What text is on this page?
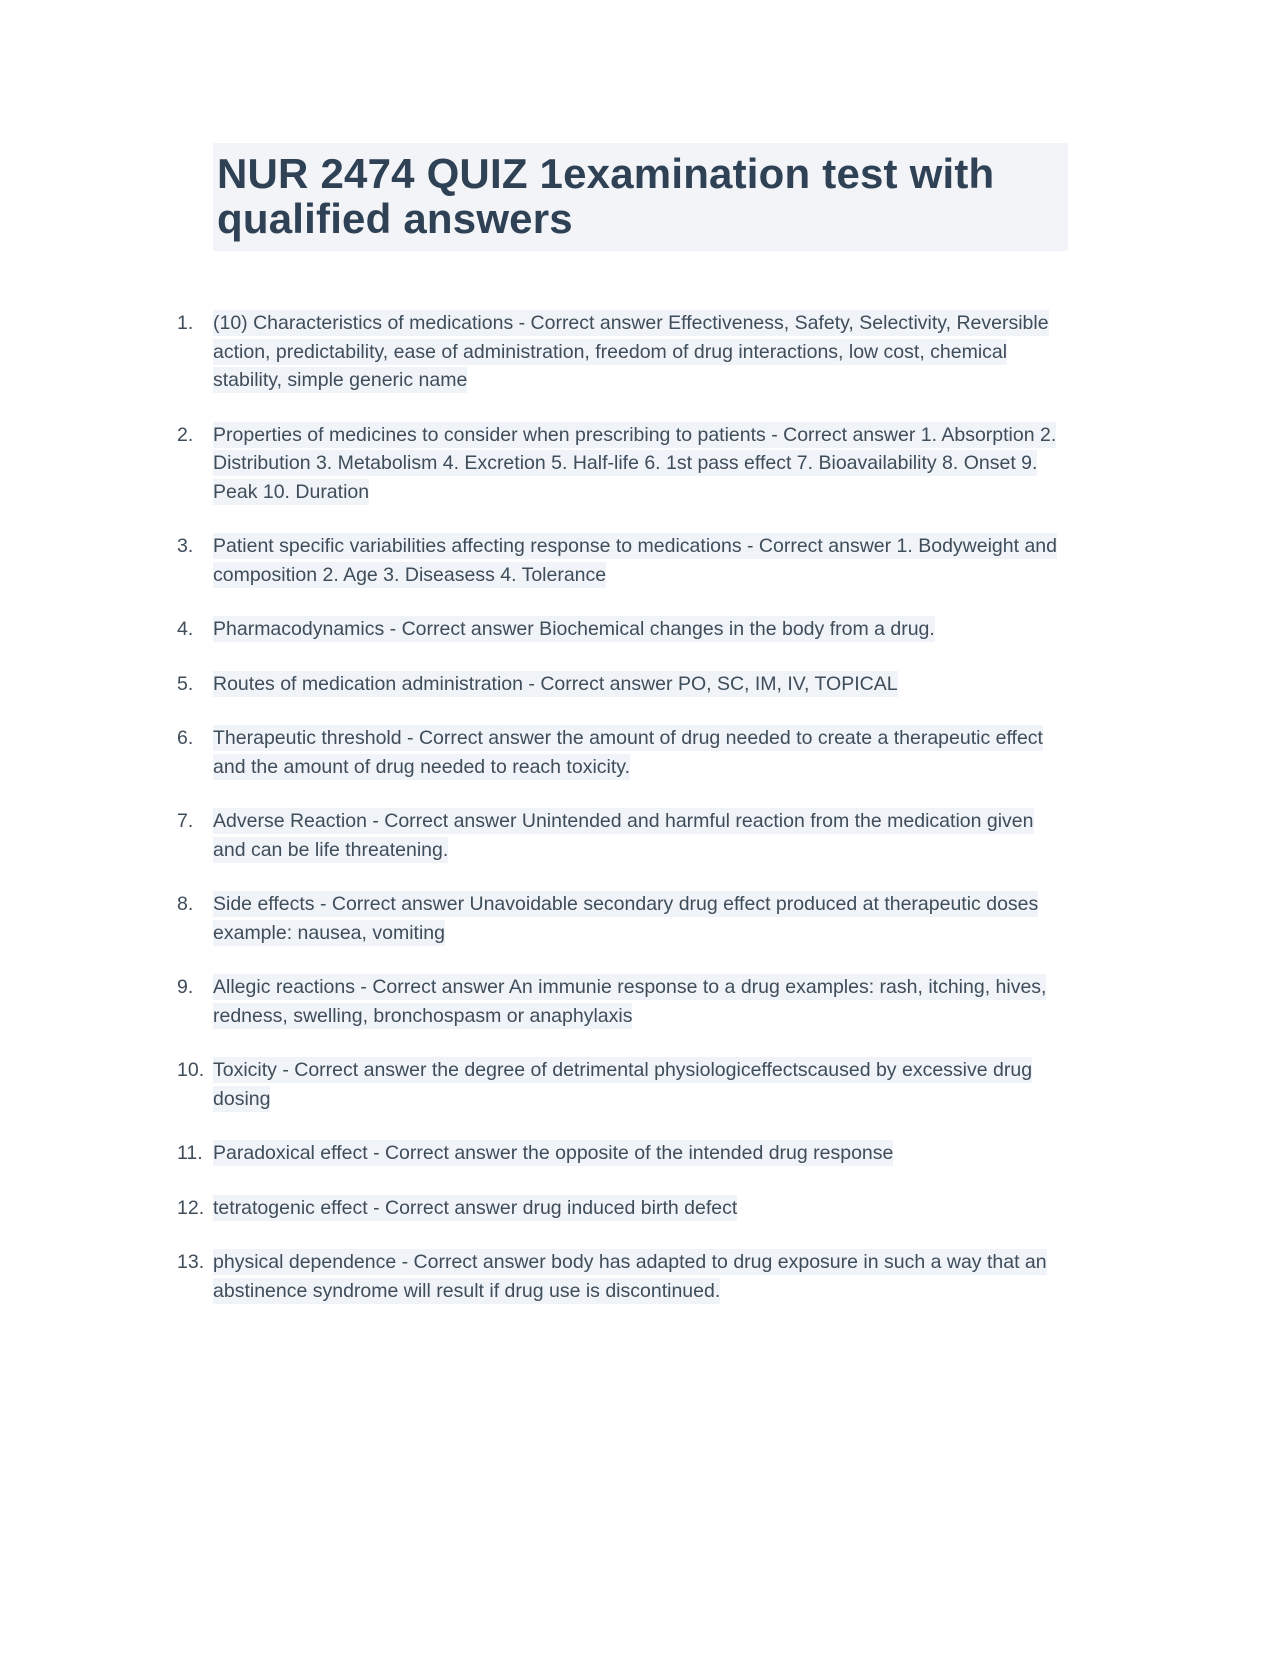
NUR 2474 QUIZ 1examination test with qualified answers
1.	(10) Characteristics of medications - Correct answer Effectiveness, Safety, Selectivity, Reversible action, predictability, ease of administration, freedom of drug interactions, low cost, chemical stability, simple generic name
2.	Properties of medicines to consider when prescribing to patients - Correct answer 1. Absorption 2. Distribution 3. Metabolism 4. Excretion 5. Half-life 6. 1st pass effect 7. Bioavailability 8. Onset 9. Peak 10. Duration
3.	Patient specific variabilities affecting response to medications - Correct answer 1. Bodyweight and composition 2. Age 3. Diseasess 4. Tolerance
4.	Pharmacodynamics - Correct answer Biochemical changes in the body from a drug.
5.	Routes of medication administration - Correct answer PO, SC, IM, IV, TOPICAL
6.	Therapeutic threshold - Correct answer the amount of drug needed to create a therapeutic effect and the amount of drug needed to reach toxicity.
7.	Adverse Reaction - Correct answer Unintended and harmful reaction from the medication given and can be life threatening.
8.	Side effects - Correct answer Unavoidable secondary drug effect produced at therapeutic doses example: nausea, vomiting
9.	Allegic reactions - Correct answer An immunie response to a drug examples: rash, itching, hives, redness, swelling, bronchospasm or anaphylaxis
10. Toxicity - Correct answer the degree of detrimental physiologiceffectscaused by excessive drug dosing
11. Paradoxical effect - Correct answer the opposite of the intended drug response
12. tetratogenic effect - Correct answer drug induced birth defect
13. physical dependence - Correct answer body has adapted to drug exposure in such a way that an abstinence syndrome will result if drug use is discontinued.
